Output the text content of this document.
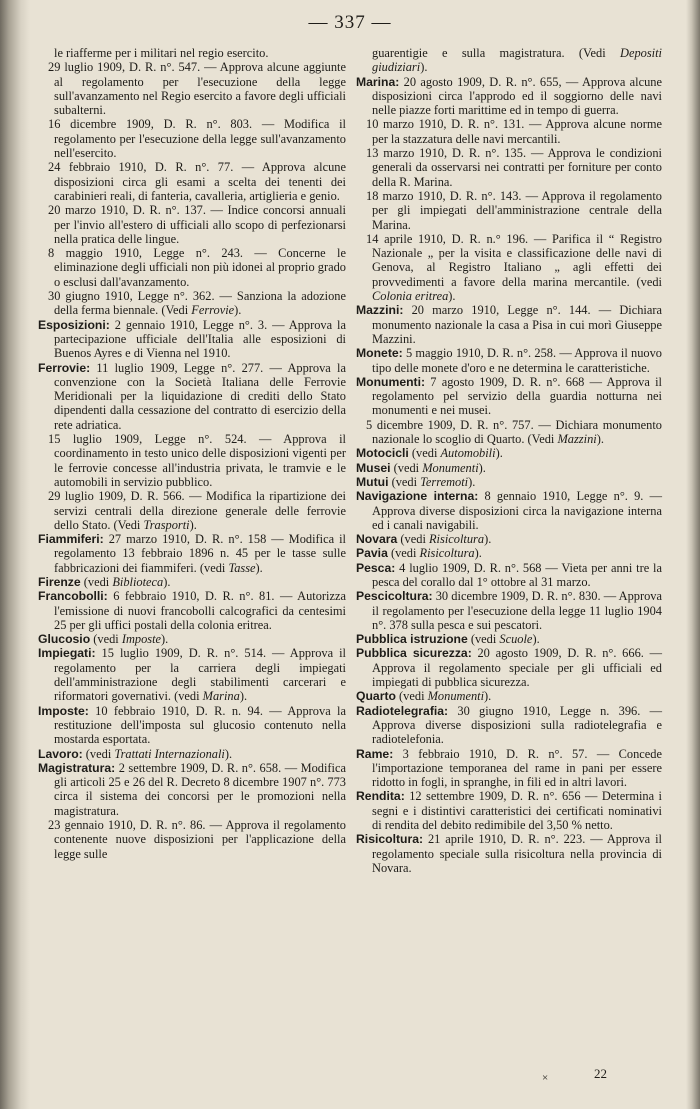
— 337 —

le riafferme per i militari nel regio esercito.

29 luglio 1909, D. R. n°. 547. — Approva alcune aggiunte al regolamento per l'esecuzione della legge sull'avanzamento nel Regio esercito a favore degli ufficiali subalterni.

16 dicembre 1909, D. R. n°. 803. — Modifica il regolamento per l'esecuzione della legge sull'avanzamento nell'esercito.

24 febbraio 1910, D. R. n°. 77. — Approva alcune disposizioni circa gli esami a scelta dei tenenti dei carabinieri reali, di fanteria, cavalleria, artiglieria e genio.

20 marzo 1910, D. R. n°. 137. — Indice concorsi annuali per l'invio all'estero di ufficiali allo scopo di perfezionarsi nella pratica delle lingue.

8 maggio 1910, Legge n°. 243. — Concerne le eliminazione degli ufficiali non più idonei al proprio grado o esclusi dall'avanzamento.

30 giugno 1910, Legge n°. 362. — Sanziona la adozione della ferma biennale. (Vedi Ferrovie).

Esposizioni: 2 gennaio 1910, Legge n°. 3. — Approva la partecipazione ufficiale dell'Italia alle esposizioni di Buenos Ayres e di Vienna nel 1910.

Ferrovie: 11 luglio 1909, Legge n°. 277. — Approva la convenzione con la Società Italiana delle Ferrovie Meridionali per la liquidazione di crediti dello Stato dipendenti dalla cessazione del contratto di esercizio della rete adriatica.

15 luglio 1909, Legge n°. 524. — Approva il coordinamento in testo unico delle disposizioni vigenti per le ferrovie concesse all'industria privata, le tramvie e le automobili in servizio pubblico.

29 luglio 1909, D. R. 566. — Modifica la ripartizione dei servizi centrali della direzione generale delle ferrovie dello Stato. (Vedi Trasporti).

Fiammiferi: 27 marzo 1910, D. R. n°. 158 — Modifica il regolamento 13 febbraio 1896 n. 45 per le tasse sulle fabbricazioni dei fiammiferi. (vedi Tasse).

Firenze (vedi Biblioteca).

Francobolli: 6 febbraio 1910, D. R. n°. 81. — Autorizza l'emissione di nuovi francobolli calcografici da centesimi 25 per gli uffici postali della colonia eritrea.

Glucosio (vedi Imposte).

Impiegati: 15 luglio 1909, D. R. n°. 514. — Approva il regolamento per la carriera degli impiegati dell'amministrazione degli stabilimenti carcerari e riformatori governativi. (vedi Marina).

Imposte: 10 febbraio 1910, D. R. n. 94. — Approva la restituzione dell'imposta sul glucosio contenuto nella mostarda esportata.

Lavoro: (vedi Trattati Internazionali).

Magistratura: 2 settembre 1909, D. R. n°. 658. — Modifica gli articoli 25 e 26 del R. Decreto 8 dicembre 1907 n°. 773 circa il sistema dei concorsi per le promozioni nella magistratura.

23 gennaio 1910, D. R. n°. 86. — Approva il regolamento contenente nuove disposizioni per l'applicazione della legge sulle

guarentigie e sulla magistratura. (Vedi Depositi giudiziari).

Marina: 20 agosto 1909, D. R. n°. 655, — Approva alcune disposizioni circa l'approdo ed il soggiorno delle navi nelle piazze forti marittime ed in tempo di guerra.

10 marzo 1910, D. R. n°. 131. — Approva alcune norme per la stazzatura delle navi mercantili.

13 marzo 1910, D. R. n°. 135. — Approva le condizioni generali da osservarsi nei contratti per forniture per conto della R. Marina.

18 marzo 1910, D. R. n°. 143. — Approva il regolamento per gli impiegati dell'amministrazione centrale della Marina.

14 aprile 1910, D. R. n.° 196. — Parifica il “ Registro Nazionale „ per la visita e classificazione delle navi di Genova, al Registro Italiano „ agli effetti dei provvedimenti a favore della marina mercantile. (vedi Colonia eritrea).

Mazzini: 20 marzo 1910, Legge n°. 144. — Dichiara monumento nazionale la casa a Pisa in cui morì Giuseppe Mazzini.

Monete: 5 maggio 1910, D. R. n°. 258. — Approva il nuovo tipo delle monete d'oro e ne determina le caratteristiche.

Monumenti: 7 agosto 1909, D. R. n°. 668 — Approva il regolamento pel servizio della guardia notturna nei monumenti e nei musei.

5 dicembre 1909, D. R. n°. 757. — Dichiara monumento nazionale lo scoglio di Quarto. (Vedi Mazzini).

Motocicli (vedi Automobili).

Musei (vedi Monumenti).

Mutui (vedi Terremoti).

Navigazione interna: 8 gennaio 1910, Legge n°. 9. — Approva diverse disposizioni circa la navigazione interna ed i canali navigabili.

Novara (vedi Risicoltura).

Pavia (vedi Risicoltura).

Pesca: 4 luglio 1909, D. R. n°. 568 — Vieta per anni tre la pesca del corallo dal 1° ottobre al 31 marzo.

Pescicoltura: 30 dicembre 1909, D. R. n°. 830. — Approva il regolamento per l'esecuzione della legge 11 luglio 1904 n°. 378 sulla pesca e sui pescatori.

Pubblica istruzione (vedi Scuole).

Pubblica sicurezza: 20 agosto 1909, D. R. n°. 666. — Approva il regolamento speciale per gli ufficiali ed impiegati di pubblica sicurezza.

Quarto (vedi Monumenti).

Radiotelegrafia: 30 giugno 1910, Legge n. 396. — Approva diverse disposizioni sulla radiotelegrafia e radiotelefonia.

Rame: 3 febbraio 1910, D. R. n°. 57. — Concede l'importazione temporanea del rame in pani per essere ridotto in fogli, in spranghe, in fili ed in altri lavori.

Rendita: 12 settembre 1909, D. R. n°. 656 — Determina i segni e i distintivi caratteristici dei certificati nominativi di rendita del debito redimibile del 3,50 % netto.

Risicoltura: 21 aprile 1910, D. R. n°. 223. — Approva il regolamento speciale sulla risicoltura nella provincia di Novara.

×	22
